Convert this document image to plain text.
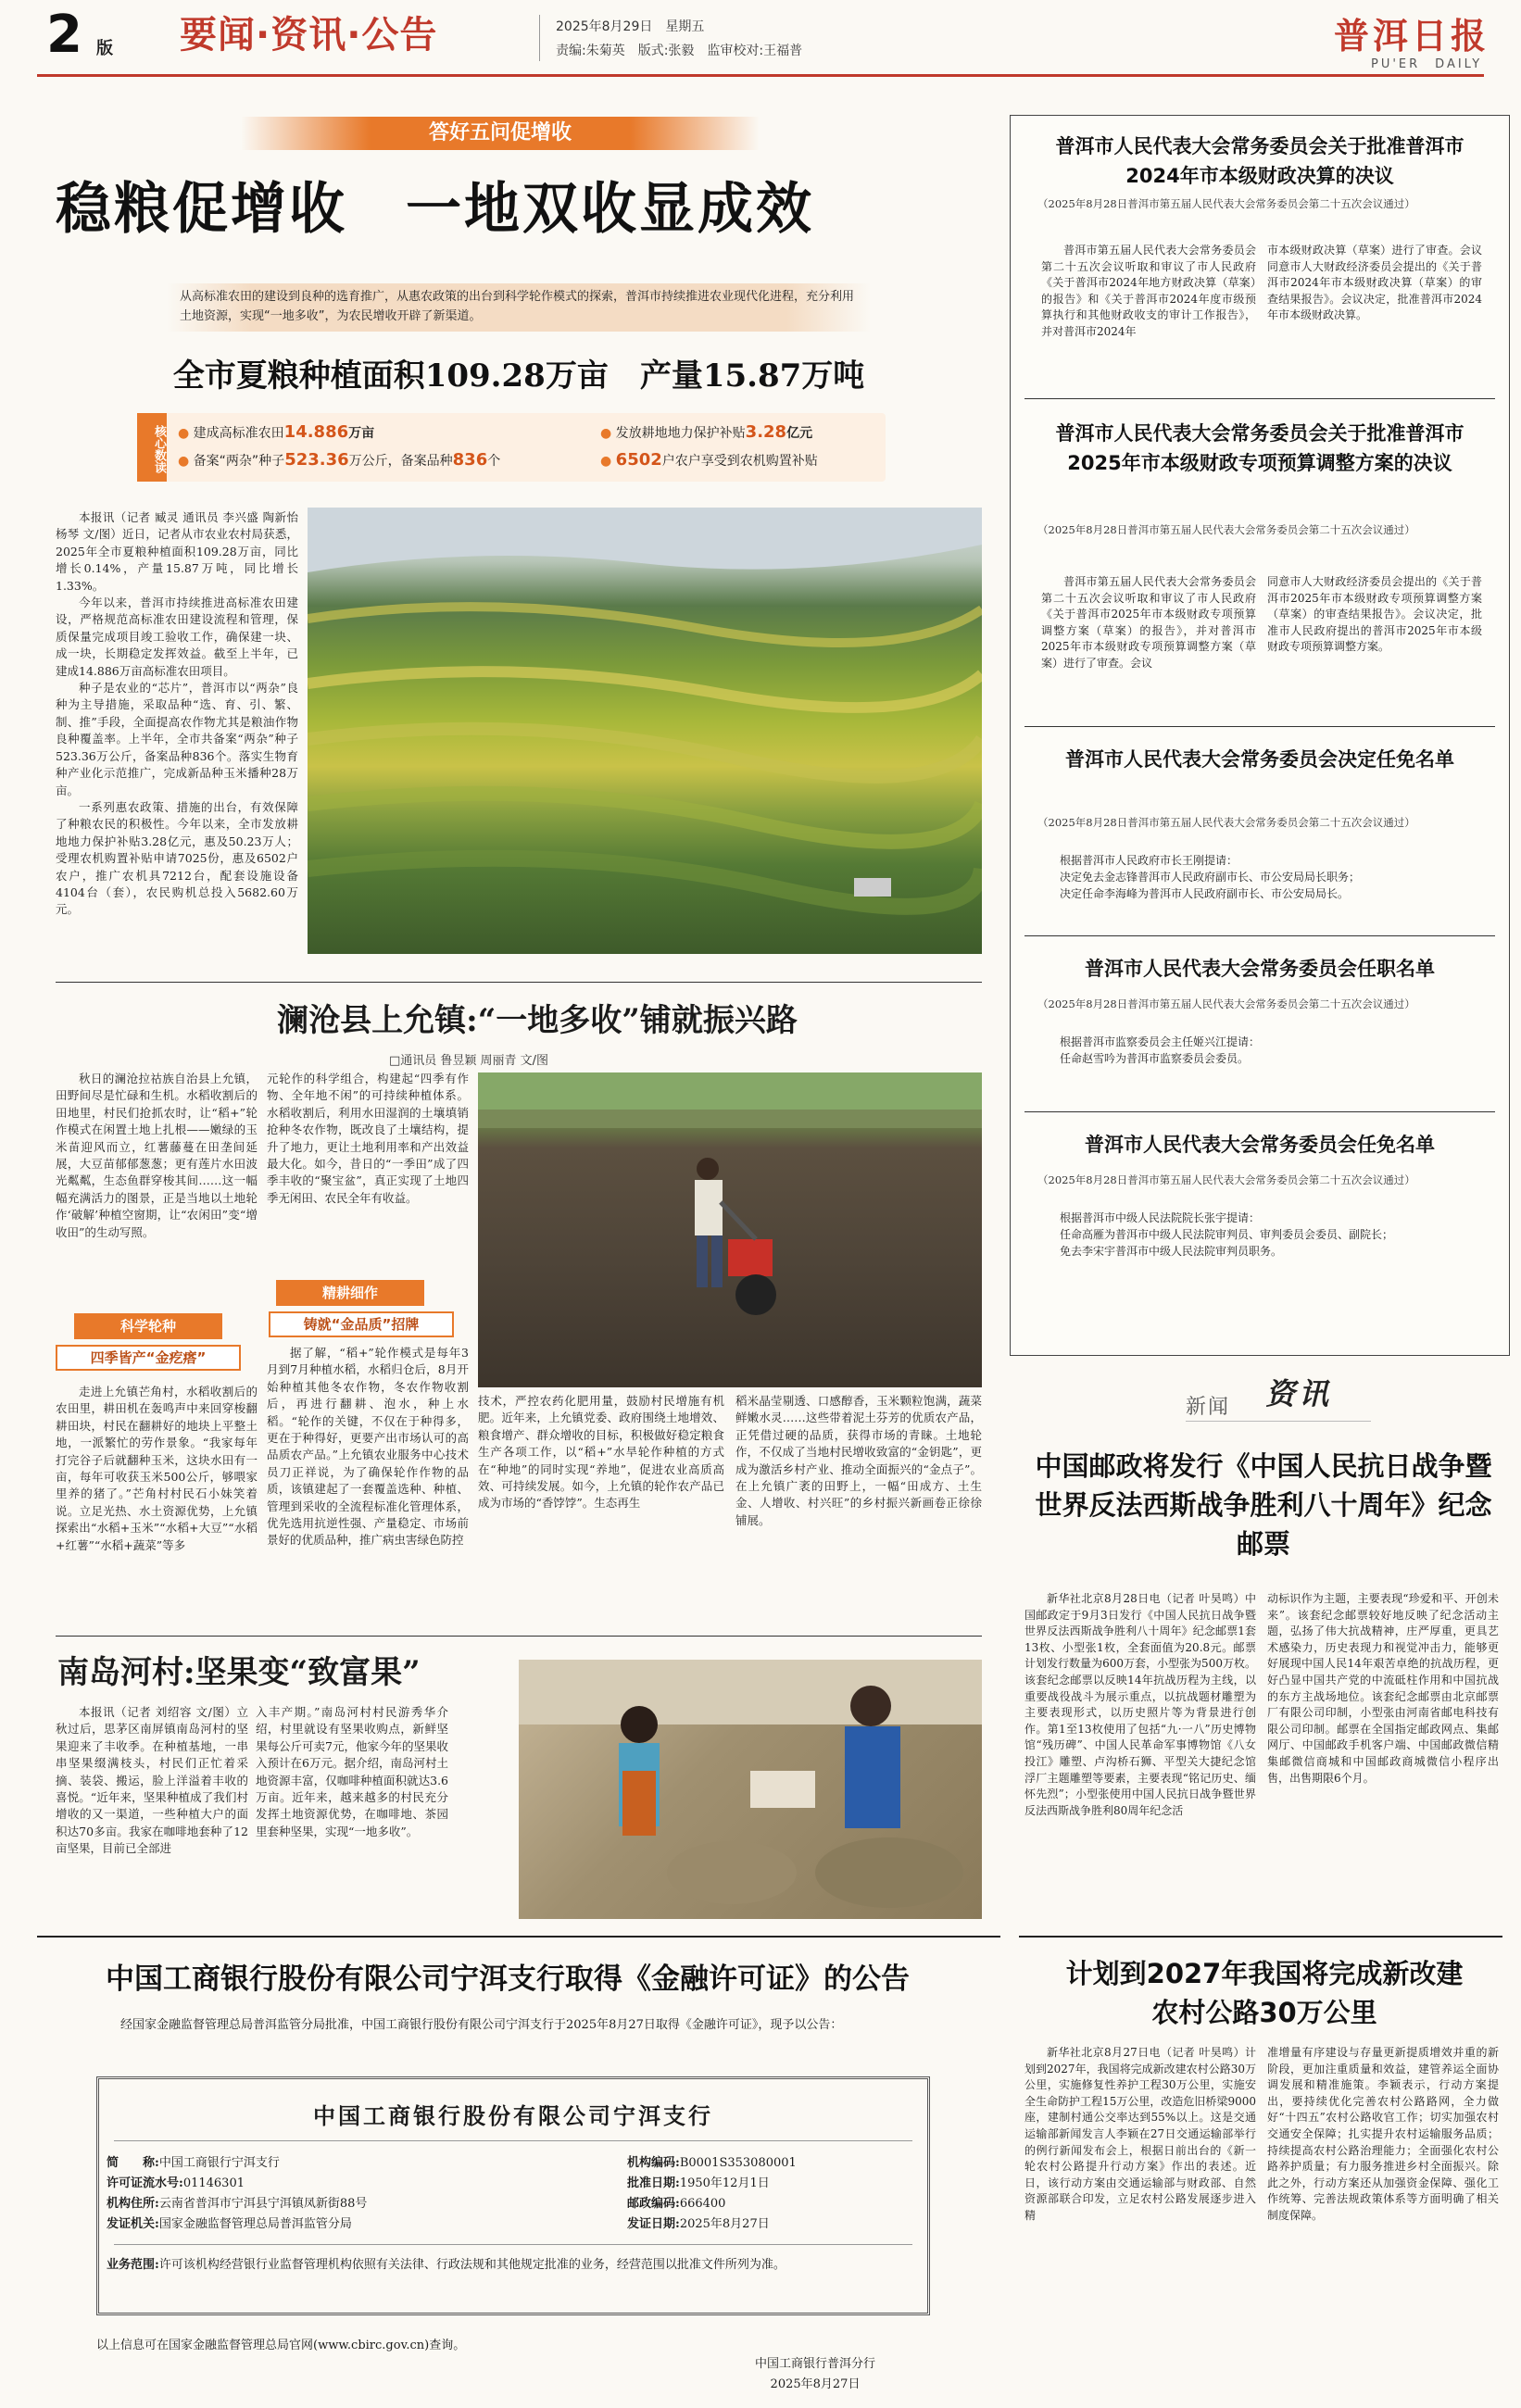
2 版 要闻·资讯·公告	2025年8月29日　 星期五
责编:朱菊英　版式:张毅　监审校对:王福普	普洱日报
PU'ER　DAILY
答好五问促增收
稳粮促增收　一地双收显成效
从高标准农田的建设到良种的选育推广，从惠农政策的出台到科学轮作模式的探索，普洱市持续推进农业现代化进程，充分利用土地资源，实现“一地多收”，为农民增收开辟了新渠道。
全市夏粮种植面积109.28万亩　产量15.87万吨
核心数读 ● 建成高标准农田14.886万亩	● 发放耕地地力保护补贴3.28亿元
● 备案“两杂”种子523.36万公斤，备案品种836个	● 6502户农户享受到农机购置补贴

本报讯（记者 臧灵 通讯员 李兴盛 陶新怡 杨琴 文/图）近日，记者从市农业农村局获悉，2025年全市夏粮种植面积109.28万亩，同比增长0.14%，产量15.87万吨，同比增长1.33%。

今年以来，普洱市持续推进高标准农田建设，严格规范高标准农田建设流程和管理，保质保量完成项目竣工验收工作，确保建一块、成一块，长期稳定发挥效益。截至上半年，已建成14.886万亩高标准农田项目。

种子是农业的“芯片”，普洱市以“两杂”良种为主导措施，采取品种“选、育、引、繁、制、推”手段，全面提高农作物尤其是粮油作物良种覆盖率。上半年，全市共备案“两杂”种子523.36万公斤，备案品种836个。落实生物育种产业化示范推广，完成新品种玉米播种28万亩。

一系列惠农政策、措施的出台，有效保障了种粮农民的积极性。今年以来，全市发放耕地地力保护补贴3.28亿元，惠及50.23万人；受理农机购置补贴申请7025份，惠及6502户农户，推广农机具7212台，配套设施设备4104台（套），农民购机总投入5682.60万元。

澜沧县上允镇:“一地多收”铺就振兴路
□通讯员 鲁昱颖 周丽青 文/图

秋日的澜沧拉祜族自治县上允镇，田野间尽是忙碌和生机。水稻收割后的田地里，村民们抢抓农时，让“稻+”轮作模式在闲置土地上扎根——嫩绿的玉米苗迎风而立，红薯藤蔓在田垄间延展，大豆苗郁郁葱葱；更有莲片水田波光粼粼，生态鱼群穿梭其间……这一幅幅充满活力的图景，正是当地以土地轮作‘破解’种植空窗期，让“农闲田”变“增收田”的生动写照。

科学轮种
四季皆产“金疙瘩”

走进上允镇芒角村，水稻收割后的农田里，耕田机在轰鸣声中来回穿梭翻耕田块，村民在翻耕好的地块上平整土地，一派繁忙的劳作景象。“我家每年打完谷子后就翻种玉米，这块水田有一亩，每年可收获玉米500公斤，够喂家里养的猪了。”芒角村村民石小妹笑着说。立足光热、水土资源优势，上允镇探索出“水稻+玉米”“水稻+大豆”“水稻+红薯”“水稻+蔬菜”等多

元轮作的科学组合，构建起“四季有作物、全年地不闲”的可持续种植体系。水稻收割后，利用水田湿润的土壤填销抢种冬农作物，既改良了土壤结构，提升了地力，更让土地利用率和产出效益最大化。如今，昔日的“一季田”成了四季丰收的“聚宝盆”，真正实现了土地四季无闲田、农民全年有收益。

精耕细作
铸就“金品质”招牌

据了解，“稻+”轮作模式是每年3月到7月种植水稻，水稻归仓后，8月开始种植其他冬农作物，冬农作物收割后，再进行翻耕、泡水，种上水稻。“轮作的关键，不仅在于种得多，更在于种得好，更要产出市场认可的高品质农产品。”上允镇农业服务中心技术员刀正祥说，为了确保轮作作物的品质，该镇建起了一套覆盖选种、种植、管理到采收的全流程标准化管理体系，优先选用抗逆性强、产量稳定、市场前景好的优质品种，推广病虫害绿色防控

技术，严控农药化肥用量，鼓励村民增施有机肥。近年来，上允镇党委、政府围绕土地增效、粮食增产、群众增收的目标，积极做好稳定粮食生产各项工作，以“稻+”水旱轮作种植的方式在“种地”的同时实现“养地”，促进农业高质高效、可持续发展。如今，上允镇的轮作农产品已成为市场的“香饽饽”。生态再生

稻米晶莹剔透、口感醇香，玉米颗粒饱满，蔬菜鲜嫩水灵……这些带着泥土芬芳的优质农产品，正凭借过硬的品质，获得市场的青睐。土地轮作，不仅成了当地村民增收致富的“金钥匙”，更成为激活乡村产业、推动全面振兴的“金点子”。在上允镇广袤的田野上，一幅“田成方、土生金、人增收、村兴旺”的乡村振兴新画卷正徐徐铺展。

南岛河村:坚果变“致富果”

本报讯（记者 刘绍容 文/图）立秋过后，思茅区南屏镇南岛河村的坚果迎来了丰收季。在种植基地，一串串坚果缀满枝头，村民们正忙着采摘、装袋、搬运，脸上洋溢着丰收的喜悦。“近年来，坚果种植成了我们村增收的又一渠道，一些种植大户的面积达70多亩。我家在咖啡地套种了12亩坚果，目前已全部进

入丰产期。”南岛河村村民游秀华介绍，村里就设有坚果收购点，新鲜坚果每公斤可卖7元，他家今年的坚果收入预计在6万元。据介绍，南岛河村土地资源丰富，仅咖啡种植面积就达3.6万亩。近年来，越来越多的村民充分发挥土地资源优势，在咖啡地、茶园里套种坚果，实现“一地多收”。

中国工商银行股份有限公司宁洱支行取得《金融许可证》的公告
经国家金融监督管理总局普洱监管分局批准，中国工商银行股份有限公司宁洱支行于2025年8月27日取得《金融许可证》，现予以公告：
中国工商银行股份有限公司宁洱支行
简　　称:中国工商银行宁洱支行
许可证流水号:01146301
机构住所:云南省普洱市宁洱县宁洱镇凤新街88号
发证机关:国家金融监督管理总局普洱监管分局
机构编码:B0001S353080001
批准日期:1950年12月1日
邮政编码:666400
发证日期:2025年8月27日
业务范围:许可该机构经营银行业监督管理机构依照有关法律、行政法规和其他规定批准的业务，经营范围以批准文件所列为准。
以上信息可在国家金融监督管理总局官网(www.cbirc.gov.cn)查询。
中国工商银行普洱分行
2025年8月27日
普洱市人民代表大会常务委员会关于批准普洱市2024年市本级财政决算的决议
（2025年8月28日普洱市第五届人民代表大会常务委员会第二十五次会议通过）

普洱市第五届人民代表大会常务委员会第二十五次会议听取和审议了市人民政府《关于普洱市2024年地方财政决算（草案）的报告》和《关于普洱市2024年度市级预算执行和其他财政收支的审计工作报告》，并对普洱市2024年

市本级财政决算（草案）进行了审查。会议同意市人大财政经济委员会提出的《关于普洱市2024年市本级财政决算（草案）的审查结果报告》。会议决定，批准普洱市2024年市本级财政决算。

普洱市人民代表大会常务委员会关于批准普洱市2025年市本级财政专项预算调整方案的决议
（2025年8月28日普洱市第五届人民代表大会常务委员会第二十五次会议通过）

普洱市第五届人民代表大会常务委员会第二十五次会议听取和审议了市人民政府《关于普洱市2025年市本级财政专项预算调整方案（草案）的报告》，并对普洱市2025年市本级财政专项预算调整方案（草案）进行了审查。会议

同意市人大财政经济委员会提出的《关于普洱市2025年市本级财政专项预算调整方案（草案）的审查结果报告》。会议决定，批准市人民政府提出的普洱市2025年市本级财政专项预算调整方案。

普洱市人民代表大会常务委员会决定任免名单
（2025年8月28日普洱市第五届人民代表大会常务委员会第二十五次会议通过）
根据普洱市人民政府市长王刚提请：
决定免去金志锋普洱市人民政府副市长、市公安局局长职务；
决定任命李海峰为普洱市人民政府副市长、市公安局局长。
普洱市人民代表大会常务委员会任职名单
（2025年8月28日普洱市第五届人民代表大会常务委员会第二十五次会议通过）
根据普洱市监察委员会主任姬兴江提请：
任命赵雪吟为普洱市监察委员会委员。
普洱市人民代表大会常务委员会任免名单
（2025年8月28日普洱市第五届人民代表大会常务委员会第二十五次会议通过）
根据普洱市中级人民法院院长张宇提请：
任命高雁为普洱市中级人民法院审判员、审判委员会委员、副院长；
免去李宋宇普洱市中级人民法院审判员职务。
新闻 资讯
中国邮政将发行《中国人民抗日战争暨世界反法西斯战争胜利八十周年》纪念邮票

新华社北京8月28日电（记者 叶昊鸣）中国邮政定于9月3日发行《中国人民抗日战争暨世界反法西斯战争胜利八十周年》纪念邮票1套13枚、小型张1枚，全套面值为20.8元。邮票计划发行数量为600万套，小型张为500万枚。该套纪念邮票以反映14年抗战历程为主线，以重要战役战斗为展示重点，以抗战题材雕塑为主要表现形式，以历史照片等为背景进行创作。第1至13枚使用了包括“九·一八”历史博物馆“残历碑”、中国人民革命军事博物馆《八女投江》雕塑、卢沟桥石狮、平型关大捷纪念馆浮厂主题雕塑等要素，主要表现“铭记历史、缅怀先烈”；小型张使用中国人民抗日战争暨世界反法西斯战争胜利80周年纪念活

动标识作为主题，主要表现“珍爱和平、开创未来”。该套纪念邮票较好地反映了纪念活动主题，弘扬了伟大抗战精神，庄严厚重，更具艺术感染力，历史表现力和视觉冲击力，能够更好展现中国人民14年艰苦卓绝的抗战历程，更好凸显中国共产党的中流砥柱作用和中国抗战的东方主战场地位。该套纪念邮票由北京邮票厂有限公司印制，小型张由河南省邮电科技有限公司印制。邮票在全国指定邮政网点、集邮网厅、中国邮政手机客户端、中国邮政微信精集邮微信商城和中国邮政商城微信小程序出售，出售期限6个月。

计划到2027年我国将完成新改建农村公路30万公里

新华社北京8月27日电（记者 叶昊鸣）计划到2027年，我国将完成新改建农村公路30万公里，实施修复性养护工程30万公里，实施安全生命防护工程15万公里，改造危旧桥梁9000座，建制村通公交率达到55%以上。这是交通运输部新闻发言人李颖在27日交通运输部举行的例行新闻发布会上，根据日前出台的《新一轮农村公路提升行动方案》作出的表述。近日，该行动方案由交通运输部与财政部、自然资源部联合印发，立足农村公路发展逐步进入精

准增量有序建设与存量更新提质增效并重的新阶段，更加注重质量和效益，建管养运全面协调发展和精准施策。李颖表示，行动方案提出，要持续优化完善农村公路路网，全力做好“十四五”农村公路收官工作；切实加强农村交通安全保障；扎实提升农村运输服务品质；持续提高农村公路治理能力；全面强化农村公路养护质量；有力服务推进乡村全面振兴。除此之外，行动方案还从加强资金保障、强化工作统筹、完善法规政策体系等方面明确了相关制度保障。
